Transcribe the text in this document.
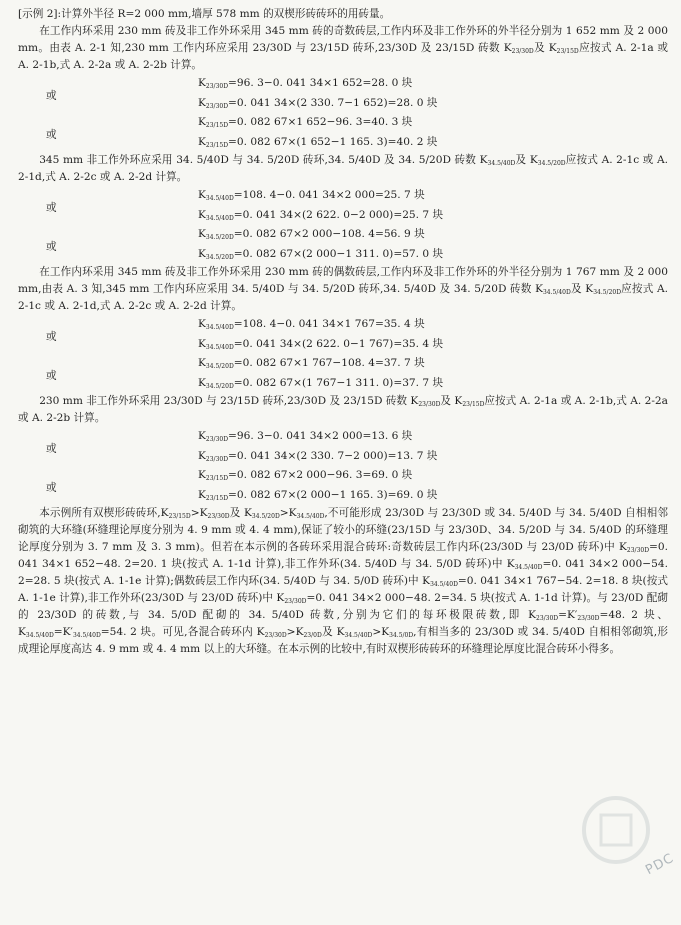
[示例 2]:计算外半径 R=2 000 mm,墙厚 578 mm 的双楔形砖砖环的用砖量。

在工作内环采用 230 mm 砖及非工作外环采用 345 mm 砖的奇数砖层,工作内环及非工作外环的外半径分别为 1 652 mm 及 2 000 mm。由表 A. 2-1 知,230 mm 工作内环应采用 23/30D 与 23/15D 砖环,23/30D 及 23/15D 砖数 $K_{23/30D}$及 $K_{23/15D}$应按式 A. 2-1a 或 A. 2-1b,式 A. 2-2a 或 A. 2-2b 计算。

$K_{23/30D}=96$. 3−0. 041 34×1 652=28. 0 块
或
$K_{23/30D}=0$. 041 34×(2 330. 7−1 652)=28. 0 块
$K_{23/15D}=0$. 082 67×1 652−96. 3=40. 3 块
或
$K_{23/15D}=0$. 082 67×(1 652−1 165. 3)=40. 2 块

345 mm 非工作外环应采用 34. 5/40D 与 34. 5/20D 砖环,34. 5/40D 及 34. 5/20D 砖数 $K_{34.5/40D}$及 $K_{34.5/20D}$应按式 A. 2-1c 或 A. 2-1d,式 A. 2-2c 或 A. 2-2d 计算。

$K_{34.5/40D}=108$. 4−0. 041 34×2 000=25. 7 块
或
$K_{34.5/40D}=0$. 041 34×(2 622. 0−2 000)=25. 7 块
$K_{34.5/20D}=0$. 082 67×2 000−108. 4=56. 9 块
或
$K_{34.5/20D}=0$. 082 67×(2 000−1 311. 0)=57. 0 块

在工作内环采用 345 mm 砖及非工作外环采用 230 mm 砖的偶数砖层,工作内环及非工作外环的外半径分别为 1 767 mm 及 2 000 mm,由表 A. 3 知,345 mm 工作内环应采用 34. 5/40D 与 34. 5/20D 砖环,34. 5/40D 及 34. 5/20D 砖数 $K_{34.5/40D}$及 $K_{34.5/20D}$应按式 A. 2-1c 或 A. 2-1d,式 A. 2-2c 或 A. 2-2d 计算。

$K_{34.5/40D}=108$. 4−0. 041 34×1 767=35. 4 块
或
$K_{34.5/40D}=0$. 041 34×(2 622. 0−1 767)=35. 4 块
$K_{34.5/20D}=0$. 082 67×1 767−108. 4=37. 7 块
或
$K_{34.5/20D}=0$. 082 67×(1 767−1 311. 0)=37. 7 块

230 mm 非工作外环采用 23/30D 与 23/15D 砖环,23/30D 及 23/15D 砖数 $K_{23/30D}$及 $K_{23/15D}$应按式 A. 2-1a 或 A. 2-1b,式 A. 2-2a 或 A. 2-2b 计算。

$K_{23/30D}=96$. 3−0. 041 34×2 000=13. 6 块
或
$K_{23/30D}=0$. 041 34×(2 330. 7−2 000)=13. 7 块
$K_{23/15D}=0$. 082 67×2 000−96. 3=69. 0 块
或
$K_{23/15D}=0$. 082 67×(2 000−1 165. 3)=69. 0 块

本示例所有双楔形砖砖环$,K_{23/15D}>K_{23/30D}$及 $K_{34.5/20D}>K_{34.5/40D}$,不可能形成 23/30D 与 23/30D 或 34. 5/40D 与 34. 5/40D 自相相邻砌筑的大环缝(环缝理论厚度分别为 4. 9 mm 或 4. 4 mm),保证了较小的环缝(23/15D 与 23/30D、34. 5/20D 与 34. 5/40D 的环缝理论厚度分别为 3. 7 mm 及 3. 3 mm)。但若在本示例的各砖环采用混合砖环:奇数砖层工作内环(23/30D 与 23/0D 砖环)中 $K_{23/30D}=0$. 041 34×1 652−48. 2=20. 1 块(按式 A. 1-1d 计算),非工作外环(34. 5/40D 与 34. 5/0D 砖环)中 $K_{34.5/40D}=0$. 041 34×2 000−54. 2=28. 5 块(按式 A. 1-1e 计算);偶数砖层工作内环(34. 5/40D 与 34. 5/0D 砖环)中 $K_{34.5/40D}=0$. 041 34×1 767−54. 2=18. 8 块(按式 A. 1-1e 计算),非工作外环(23/30D 与 23/0D 砖环)中 $K_{23/30D}=0$. 041 34×2 000−48. 2=34. 5 块(按式 A. 1-1d 计算)。与 23/0D 配砌的 23/30D 的砖数,与 34. 5/0D 配砌的 34. 5/40D 砖数,分别为它们的每环极限砖数,即 $K_{23/30D}=K'_{23/30D}=48$. 2 块、$K_{34.5/40D}=K'_{34.5/40D}=54$. 2 块。可见,各混合砖环内 $K_{23/30D}>K_{23/0D}$及 $K_{34.5/40D}>K_{34.5/0D}$,有相当多的 23/30D 或 34. 5/40D 自相相邻砌筑,形成理论厚度高达 4. 9 mm 或 4. 4 mm 以上的大环缝。在本示例的比较中,有时双楔形砖砖环的环缝理论厚度比混合砖环小得多。

PDC
